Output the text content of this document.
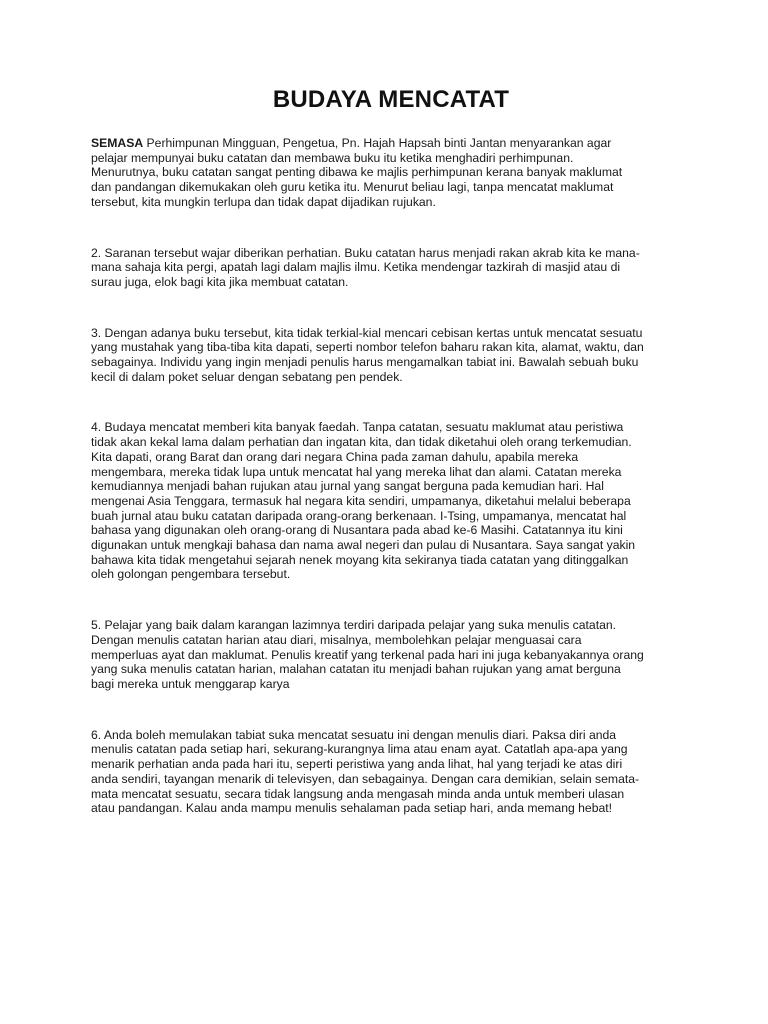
BUDAYA MENCATAT

SEMASA Perhimpunan Mingguan, Pengetua, Pn. Hajah Hapsah binti Jantan menyarankan agar
pelajar mempunyai buku catatan dan membawa buku itu ketika menghadiri perhimpunan.
Menurutnya, buku catatan sangat penting dibawa ke majlis perhimpunan kerana banyak maklumat
dan pandangan dikemukakan oleh guru ketika itu. Menurut beliau lagi, tanpa mencatat maklumat
tersebut, kita mungkin terlupa dan tidak dapat dijadikan rujukan.

2. Saranan tersebut wajar diberikan perhatian. Buku catatan harus menjadi rakan akrab kita ke mana-
mana sahaja kita pergi, apatah lagi dalam majlis ilmu. Ketika mendengar tazkirah di masjid atau di
surau juga, elok bagi kita jika membuat catatan.

3. Dengan adanya buku tersebut, kita tidak terkial-kial mencari cebisan kertas untuk mencatat sesuatu
yang mustahak yang tiba-tiba kita dapati, seperti nombor telefon baharu rakan kita, alamat, waktu, dan
sebagainya. Individu yang ingin menjadi penulis harus mengamalkan tabiat ini. Bawalah sebuah buku
kecil di dalam poket seluar dengan sebatang pen pendek.

4. Budaya mencatat memberi kita banyak faedah. Tanpa catatan, sesuatu maklumat atau peristiwa
tidak akan kekal lama dalam perhatian dan ingatan kita, dan tidak diketahui oleh orang terkemudian.
Kita dapati, orang Barat dan orang dari negara China pada zaman dahulu, apabila mereka
mengembara, mereka tidak lupa untuk mencatat hal yang mereka lihat dan alami. Catatan mereka
kemudiannya menjadi bahan rujukan atau jurnal yang sangat berguna pada kemudian hari. Hal
mengenai Asia Tenggara, termasuk hal negara kita sendiri, umpamanya, diketahui melalui beberapa
buah jurnal atau buku catatan daripada orang-orang berkenaan. I-Tsing, umpamanya, mencatat hal
bahasa yang digunakan oleh orang-orang di Nusantara pada abad ke-6 Masihi. Catatannya itu kini
digunakan untuk mengkaji bahasa dan nama awal negeri dan pulau di Nusantara. Saya sangat yakin
bahawa kita tidak mengetahui sejarah nenek moyang kita sekiranya tiada catatan yang ditinggalkan
oleh golongan pengembara tersebut.

5. Pelajar yang baik dalam karangan lazimnya terdiri daripada pelajar yang suka menulis catatan.
Dengan menulis catatan harian atau diari, misalnya, membolehkan pelajar menguasai cara
memperluas ayat dan maklumat. Penulis kreatif yang terkenal pada hari ini juga kebanyakannya orang
yang suka menulis catatan harian, malahan catatan itu menjadi bahan rujukan yang amat berguna
bagi mereka untuk menggarap karya

6. Anda boleh memulakan tabiat suka mencatat sesuatu ini dengan menulis diari. Paksa diri anda
menulis catatan pada setiap hari, sekurang-kurangnya lima atau enam ayat. Catatlah apa-apa yang
menarik perhatian anda pada hari itu, seperti peristiwa yang anda lihat, hal yang terjadi ke atas diri
anda sendiri, tayangan menarik di televisyen, dan sebagainya. Dengan cara demikian, selain semata-
mata mencatat sesuatu, secara tidak langsung anda mengasah minda anda untuk memberi ulasan
atau pandangan. Kalau anda mampu menulis sehalaman pada setiap hari, anda memang hebat!
